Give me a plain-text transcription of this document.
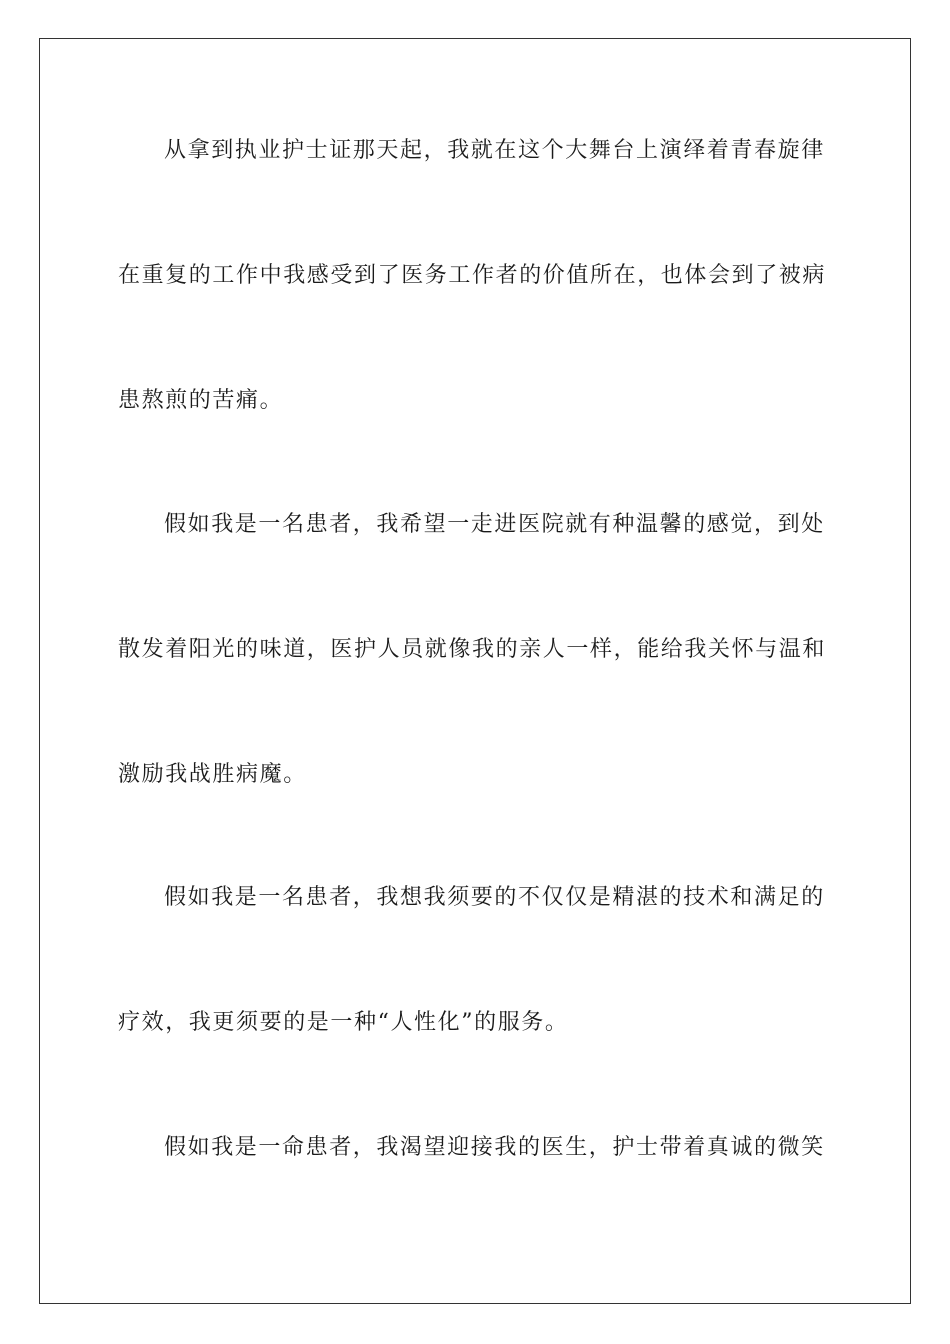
从拿到执业护士证那天起，我就在这个大舞台上演绎着青春旋律
在重复的工作中我感受到了医务工作者的价值所在，也体会到了被病
患熬煎的苦痛。
假如我是一名患者，我希望一走进医院就有种温馨的感觉，到处
散发着阳光的味道，医护人员就像我的亲人一样，能给我关怀与温和
激励我战胜病魔。
假如我是一名患者，我想我须要的不仅仅是精湛的技术和满足的
疗效，我更须要的是一种“人性化”的服务。
假如我是一命患者，我渴望迎接我的医生，护士带着真诚的微笑
